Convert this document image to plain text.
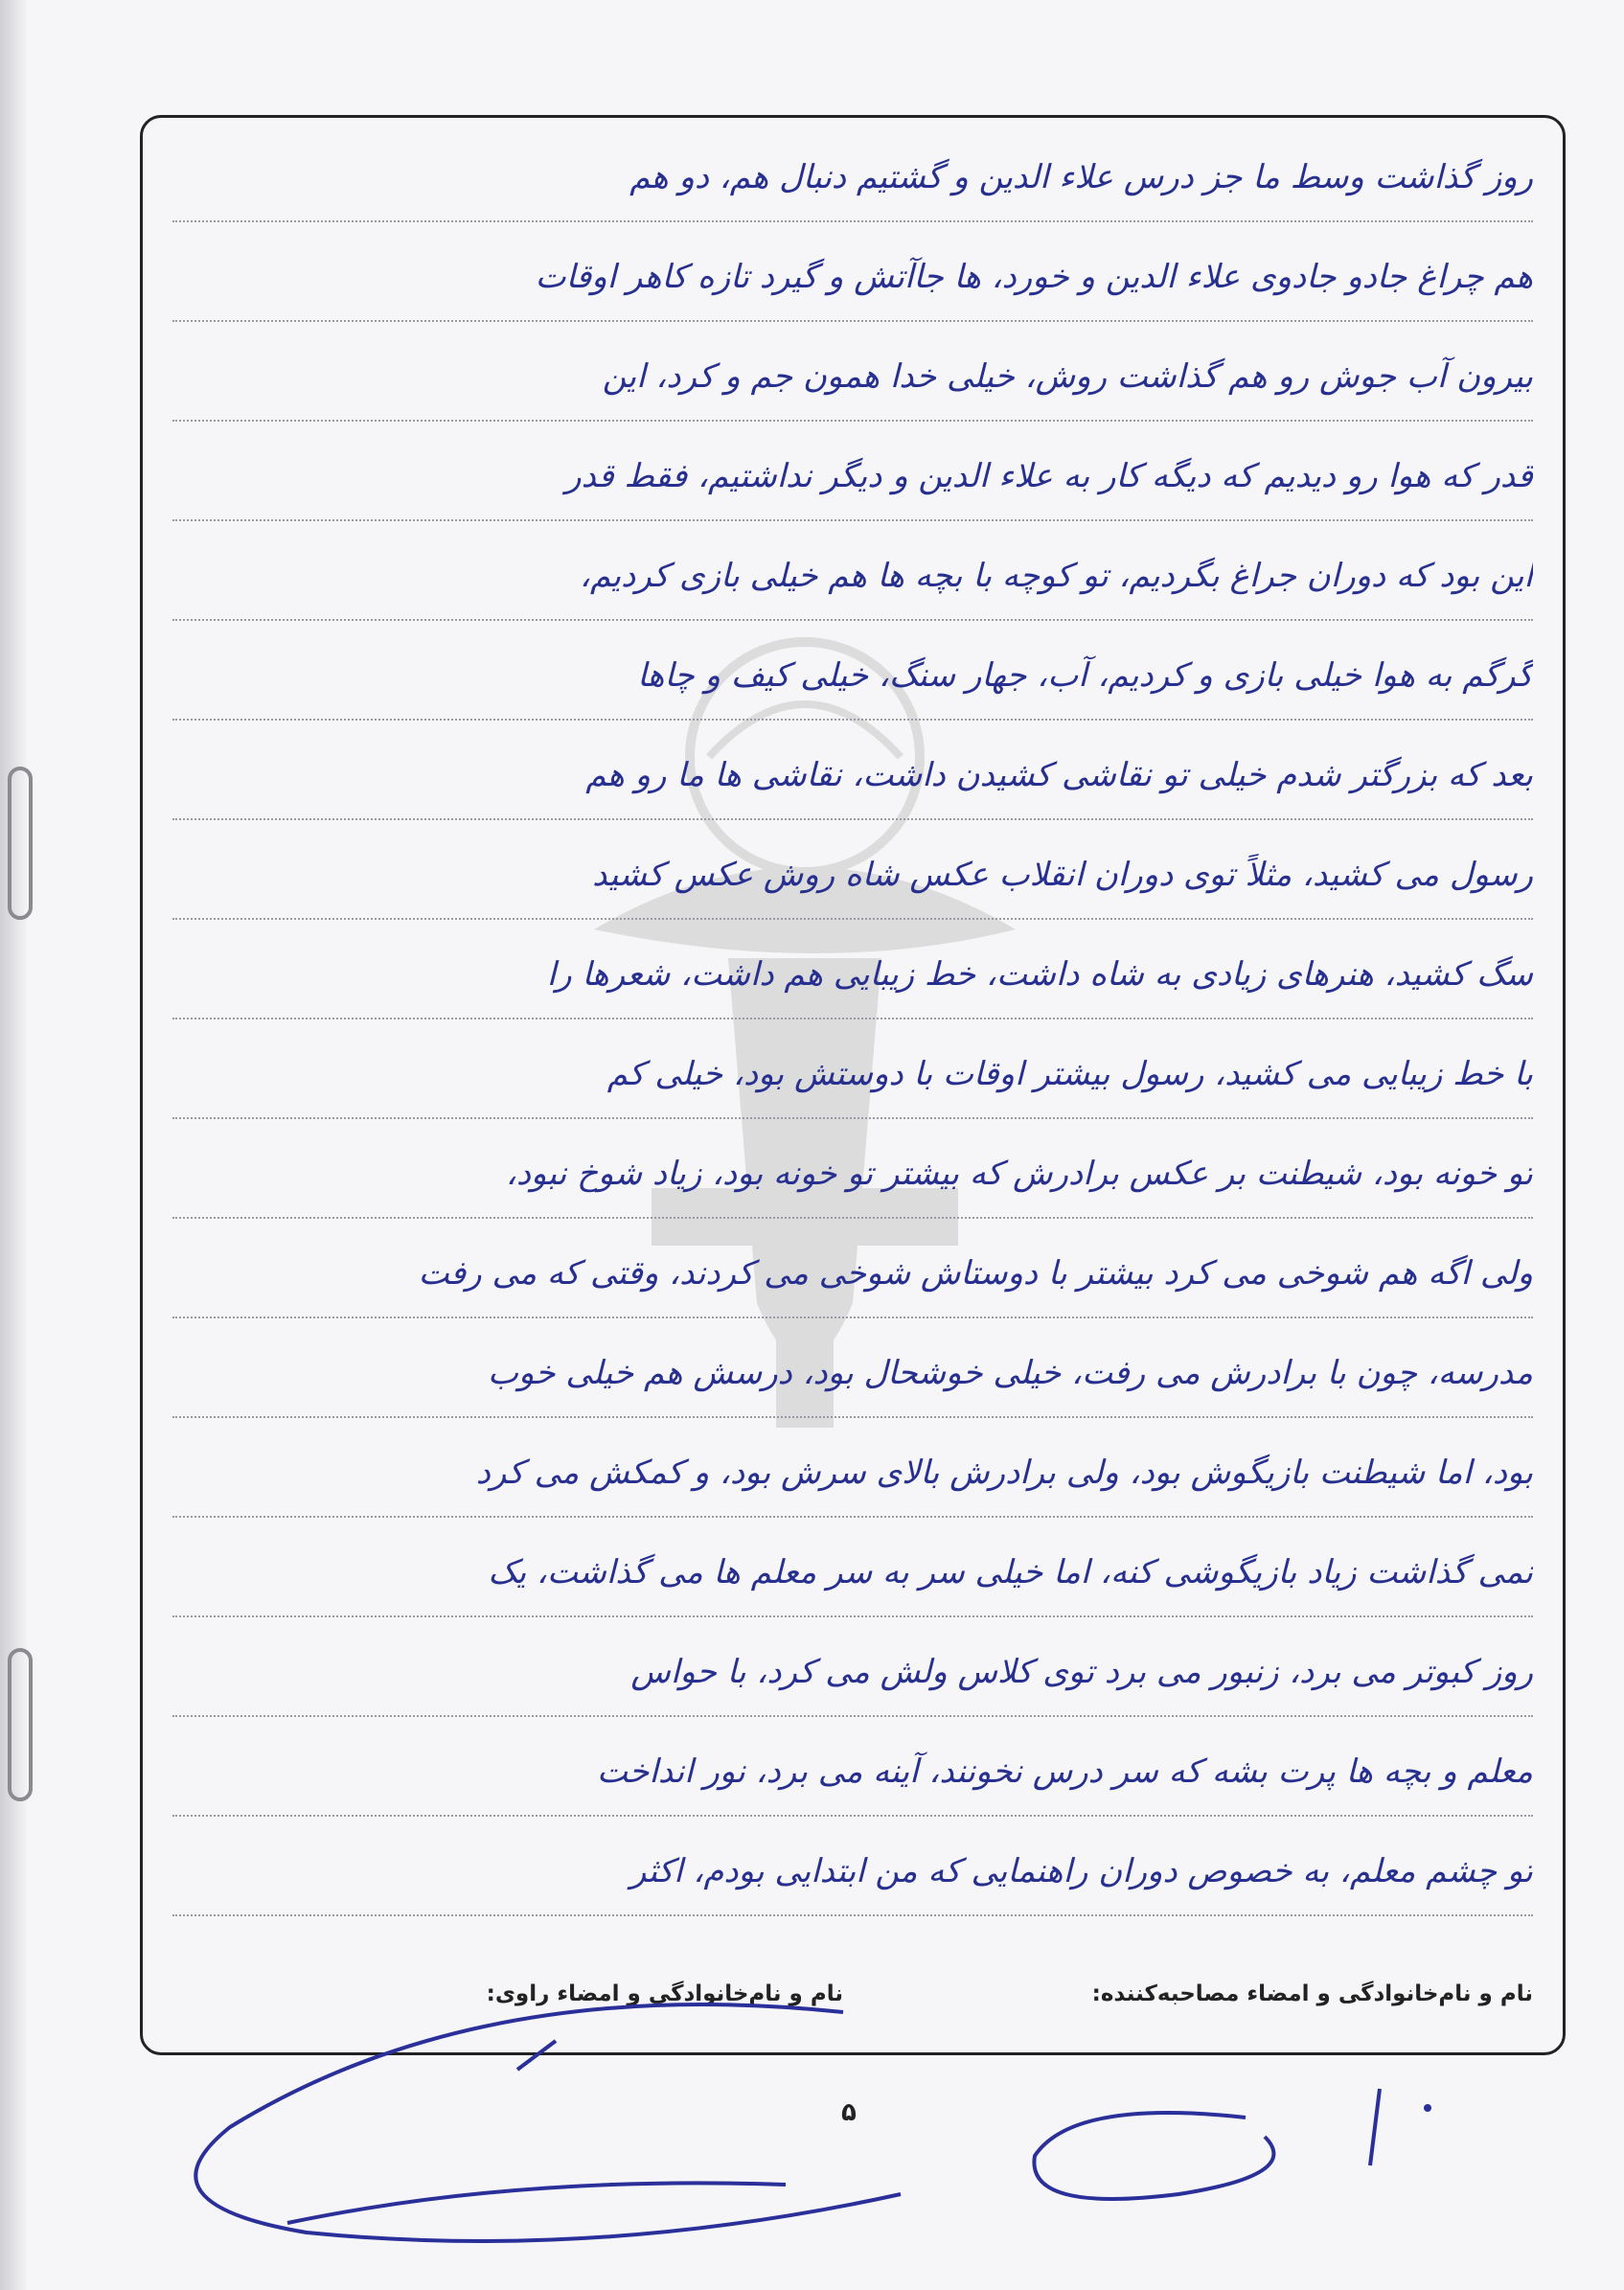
روز گذاشت وسط ما جز درس علاء الدین و گشتیم دنبال هم، دو هم
هم چراغ جادو جادوی علاء الدین و خورد، ها جاآتش و گیرد تازه کاهر اوقات
بیرون آب جوش رو هم گذاشت روش، خیلی خدا همون جم و کرد، این
قدر که هوا رو دیدیم که دیگه کار به علاء الدین و دیگر نداشتیم، فقط قدر
این بود که دوران جراغ بگردیم، تو کوچه با بچه ها هم خیلی بازی کردیم،
گرگم به هوا خیلی بازی و کردیم، آب، جهار سنگ، خیلی کیف و چاها
بعد که بزرگتر شدم خیلی تو نقاشی کشیدن داشت، نقاشی ها ما رو هم
رسول می کشید، مثلاً توی دوران انقلاب عکس شاه روش عکس کشید
سگ کشید، هنرهای زیادی به شاه داشت، خط زیبایی هم داشت، شعرها را
با خط زیبایی می کشید، رسول بیشتر اوقات با دوستش بود، خیلی کم
تو خونه بود، شیطنت بر عکس برادرش که بیشتر تو خونه بود، زیاد شوخ نبود،
ولی اگه هم شوخی می کرد بیشتر با دوستاش شوخی می کردند، وقتی که می رفت
مدرسه، چون با برادرش می رفت، خیلی خوشحال بود، درسش هم خیلی خوب
بود، اما شیطنت بازیگوش بود، ولی برادرش بالای سرش بود، و کمکش می کرد
نمی گذاشت زیاد بازیگوشی کنه، اما خیلی سر به سر معلم ها می گذاشت، یک
روز کبوتر می برد، زنبور می برد توی کلاس ولش می کرد، با حواس
معلم و بچه ها پرت بشه که سر درس نخونند، آینه می برد، نور انداخت
تو چشم معلم، به خصوص دوران راهنمایی که من ابتدایی بودم، اکثر
نام و نام‌خانوادگی و امضاء مصاحبه‌کننده:
نام و نام‌خانوادگی و امضاء راوی:
۵
